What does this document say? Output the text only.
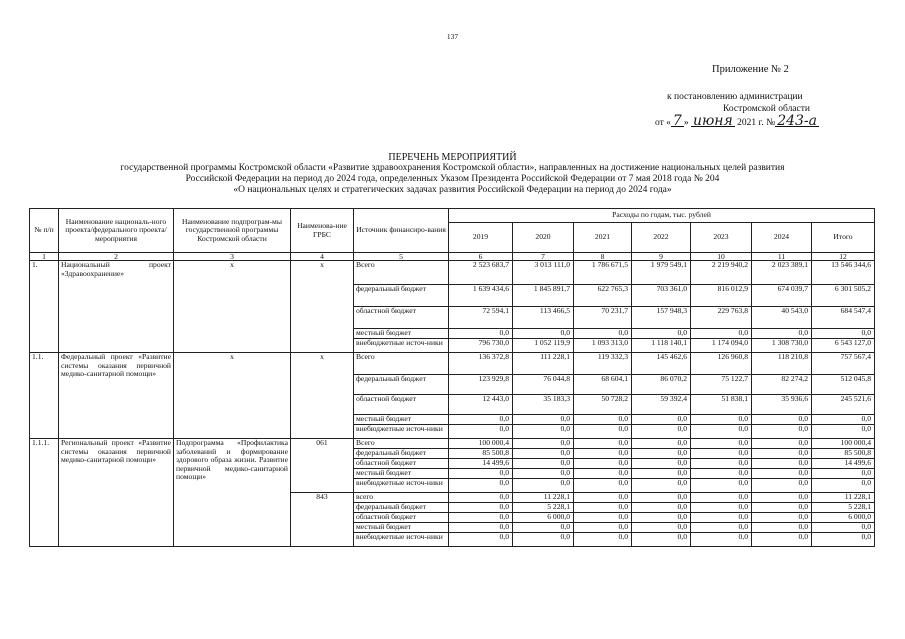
137
Приложение № 2
к постановлению администрации
Костромской области
от « 7 » июня 2021 г. № 243-а
ПЕРЕЧЕНЬ МЕРОПРИЯТИЙ
государственной программы Костромской области «Развитие здравоохранения Костромской области», направленных на достижение национальных целей развития
Российской Федерации на период до 2024 года, определенных Указом Президента Российской Федерации от 7 мая 2018 года № 204
«О национальных целях и стратегических задачах развития Российской Федерации на период до 2024 года»
№ п/п	Наименование националь-ного проекта/федерального проекта/мероприятия	Наименование подпрограм-мы государственной программы Костромской области	Наименова-ние ГРБС	Источник финансиро-вания	Расходы по годам, тыс. рублей						
					2019	2020	2021	2022	2023	2024	Итого
1	2	3	4	5	6	7	8	9	10	11	12
1.	Национальный проект «Здравоохранение»	х	х	Всего	2 523 683,7	3 013 111,0	1 786 671,5	1 979 549,1	2 219 940,2	2 023 389,1	13 546 344,6
				федеральный бюджет	1 639 434,6	1 845 891,7	622 765,3	703 361,0	816 012,9	674 039,7	6 301 505,2
				областной бюджет	72 594,1	113 466,5	70 231,7	157 948,3	229 763,8	40 543,0	684 547,4
				местный бюджет	0,0	0,0	0,0	0,0	0,0	0,0	0,0
				внебюджетные источ-ники	796 730,0	1 052 119,9	1 093 313,0	1 118 140,1	1 174 094,0	1 308 730,0	6 543 127,0
1.1.	Федеральный проект «Развитие системы оказания первичной медико-санитарной помощи»	х	х	Всего	136 372,8	111 228,1	119 332,3	145 462,6	126 960,8	118 210,8	757 567,4
				федеральный бюджет	123 929,8	76 044,8	68 604,1	86 070,2	75 122,7	82 274,2	512 045,8
				областной бюджет	12 443,0	35 183,3	50 728,2	59 392,4	51 838,1	35 936,6	245 521,6
				местный бюджет	0,0	0,0	0,0	0,0	0,0	0,0	0,0
				внебюджетные источ-ники	0,0	0,0	0,0	0,0	0,0	0,0	0,0
1.1.1.	Региональный проект «Развитие системы оказания первичной медико-санитарной помощи»	Подпрограмма «Профилактика заболеваний и формирование здорового образа жизни. Развитие первичной медико-санитарной помощи»	061	Всего	100 000,4	0,0	0,0	0,0	0,0	0,0	100 000,4
				федеральный бюджет	85 500,8	0,0	0,0	0,0	0,0	0,0	85 500,8
				областной бюджет	14 499,6	0,0	0,0	0,0	0,0	0,0	14 499,6
				местный бюджет	0,0	0,0	0,0	0,0	0,0	0,0	0,0
				внебюджетные источ-ники	0,0	0,0	0,0	0,0	0,0	0,0	0,0
			843	всего	0,0	11 228,1	0,0	0,0	0,0	0,0	11 228,1
				федеральный бюджет	0,0	5 228,1	0,0	0,0	0,0	0,0	5 228,1
				областной бюджет	0,0	6 000,0	0,0	0,0	0,0	0,0	6 000,0
				местный бюджет	0,0	0,0	0,0	0,0	0,0	0,0	0,0
				внебюджетные источ-ники	0,0	0,0	0,0	0,0	0,0	0,0	0,0
